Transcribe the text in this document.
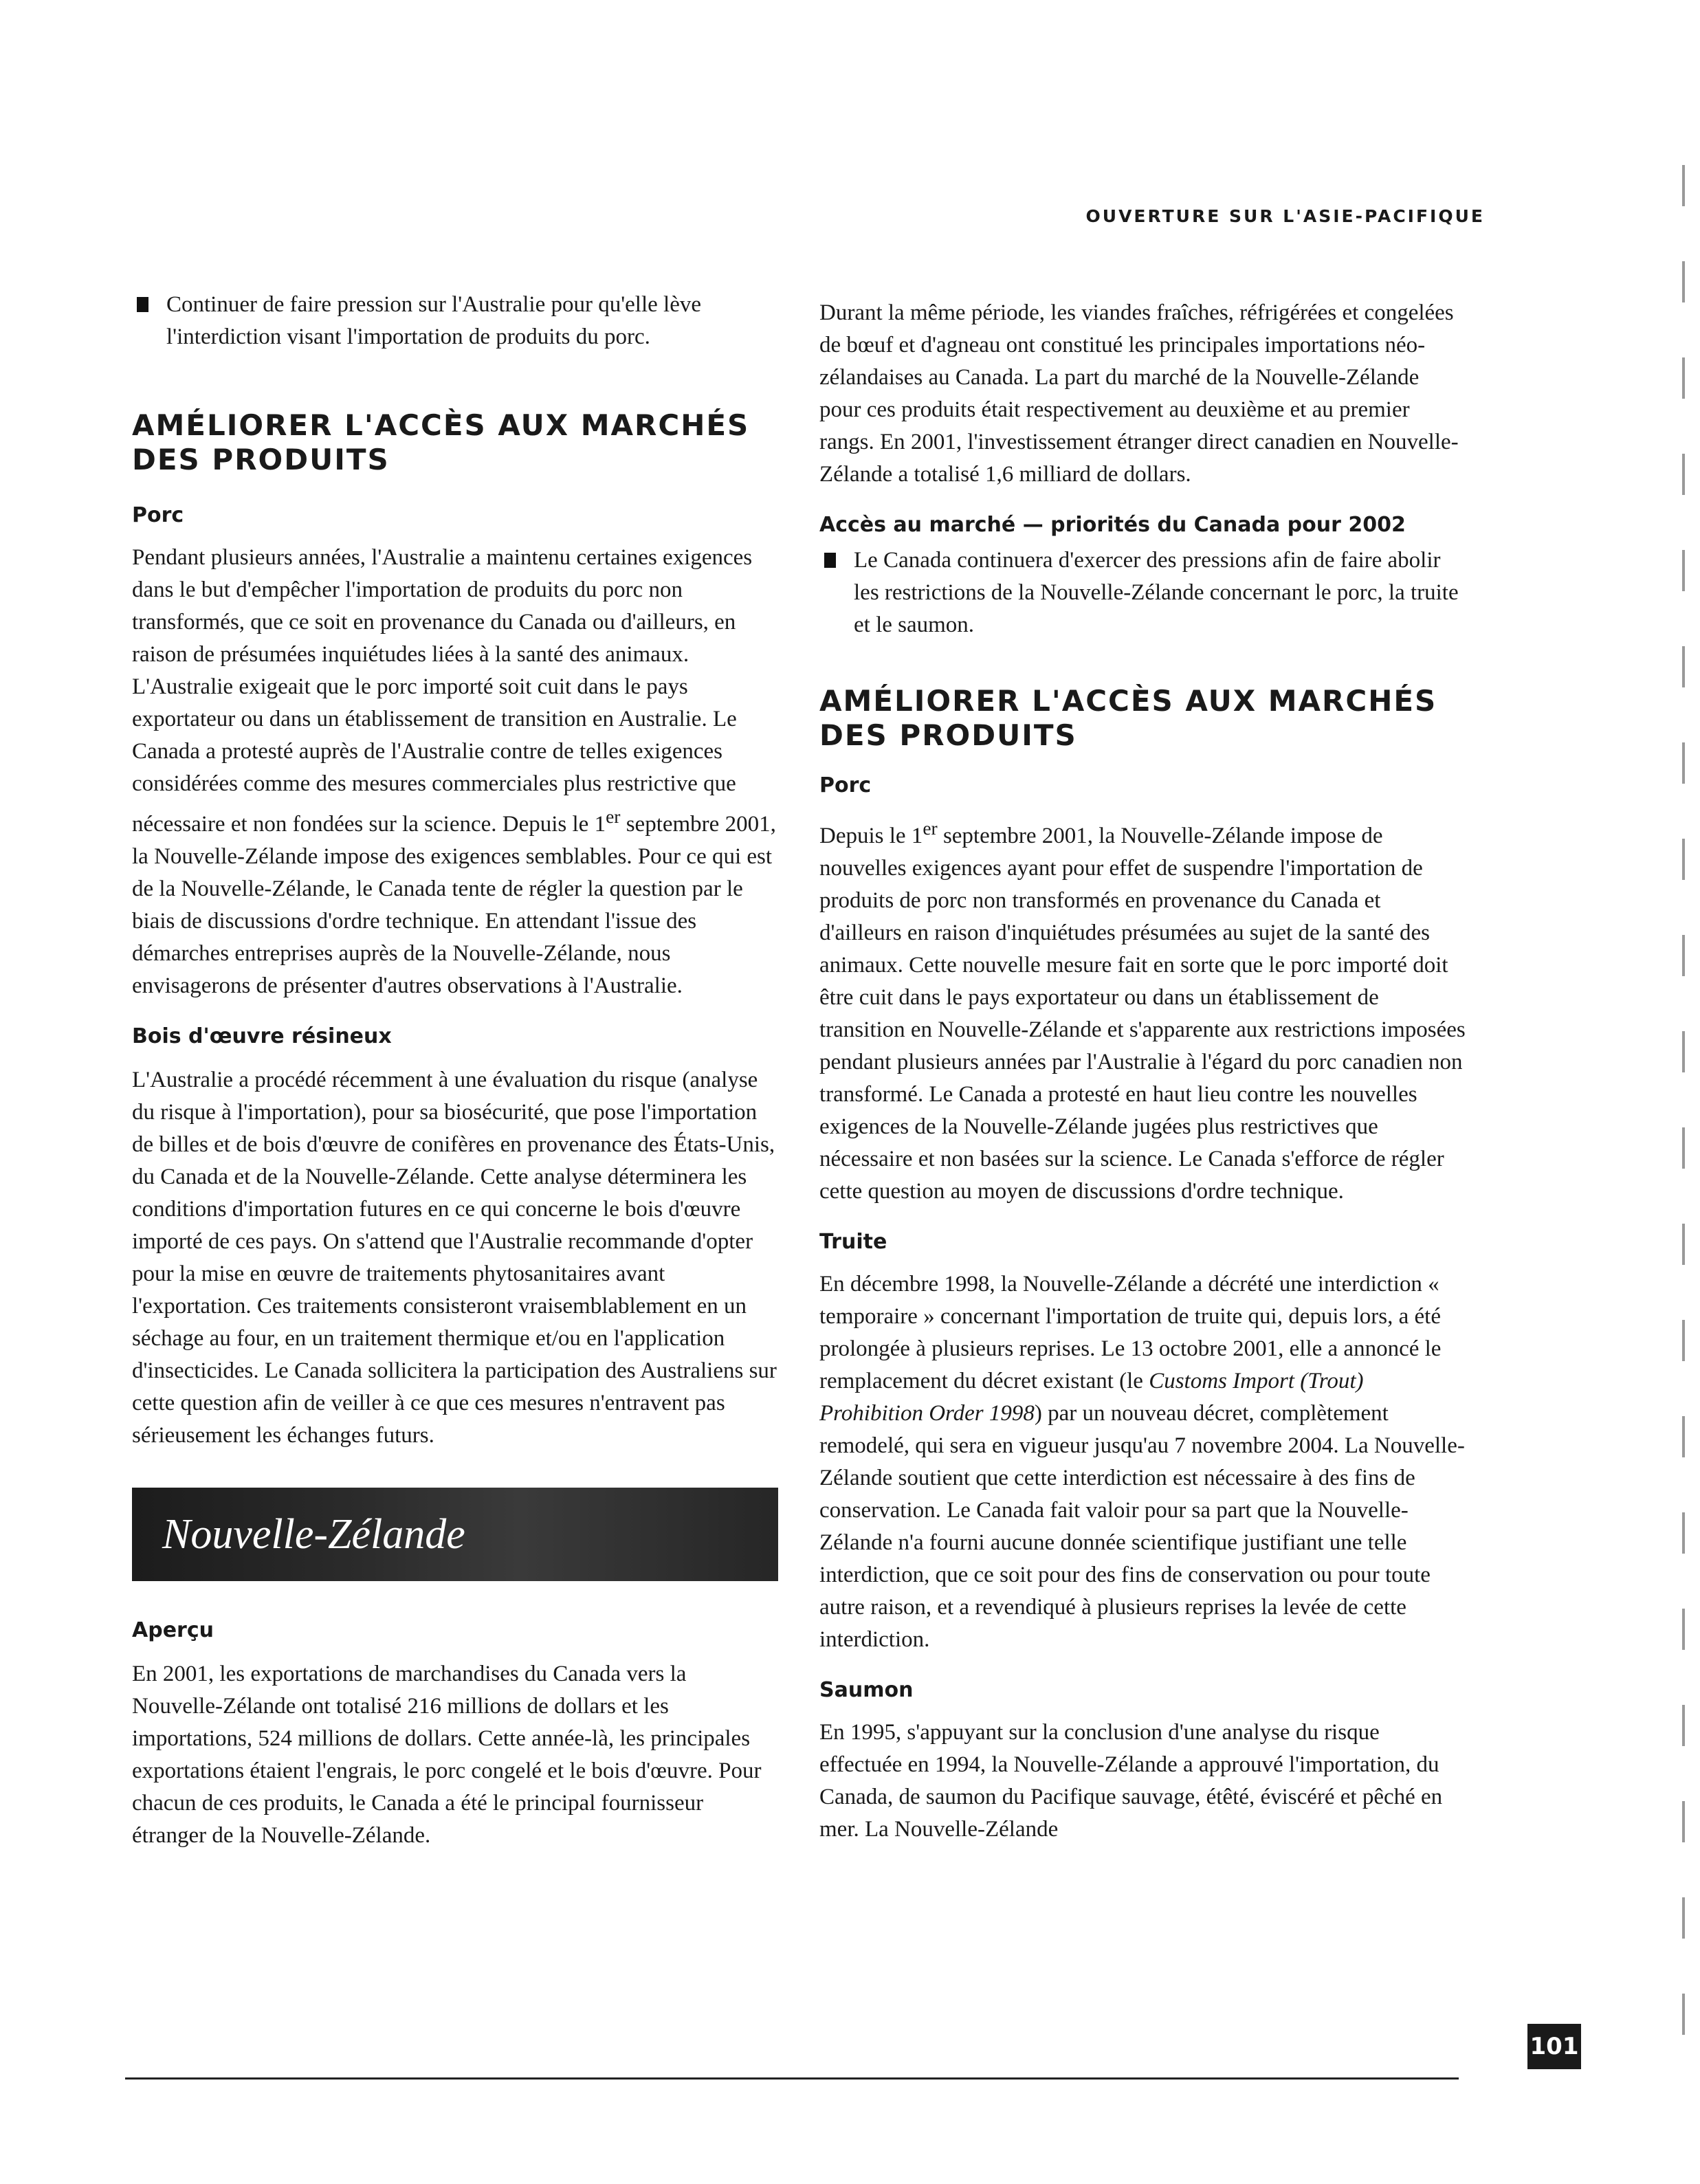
OUVERTURE SUR L'ASIE-PACIFIQUE
Continuer de faire pression sur l'Australie pour qu'elle lève l'interdiction visant l'importation de produits du porc.
AMÉLIORER L'ACCÈS AUX MARCHÉS DES PRODUITS
Porc

Pendant plusieurs années, l'Australie a maintenu certaines exigences dans le but d'empêcher l'importation de produits du porc non transformés, que ce soit en provenance du Canada ou d'ailleurs, en raison de présumées inquiétudes liées à la santé des animaux. L'Australie exigeait que le porc importé soit cuit dans le pays exportateur ou dans un établissement de transition en Australie. Le Canada a protesté auprès de l'Australie contre de telles exigences considérées comme des mesures commerciales plus restrictive que nécessaire et non fondées sur la science. Depuis le 1er septembre 2001, la Nouvelle-Zélande impose des exigences semblables. Pour ce qui est de la Nouvelle-Zélande, le Canada tente de régler la question par le biais de discussions d'ordre technique. En attendant l'issue des démarches entreprises auprès de la Nouvelle-Zélande, nous envisagerons de présenter d'autres observations à l'Australie.

Bois d'œuvre résineux

L'Australie a procédé récemment à une évaluation du risque (analyse du risque à l'importation), pour sa biosécurité, que pose l'importation de billes et de bois d'œuvre de conifères en provenance des États-Unis, du Canada et de la Nouvelle-Zélande. Cette analyse déterminera les conditions d'importation futures en ce qui concerne le bois d'œuvre importé de ces pays. On s'attend que l'Australie recommande d'opter pour la mise en œuvre de traitements phytosanitaires avant l'exportation. Ces traitements consisteront vraisemblablement en un séchage au four, en un traitement thermique et/ou en l'application d'insecticides. Le Canada sollicitera la participation des Australiens sur cette question afin de veiller à ce que ces mesures n'entravent pas sérieusement les échanges futurs.

Nouvelle-Zélande
Aperçu

En 2001, les exportations de marchandises du Canada vers la Nouvelle-Zélande ont totalisé 216 millions de dollars et les importations, 524 millions de dollars. Cette année-là, les principales exportations étaient l'engrais, le porc congelé et le bois d'œuvre. Pour chacun de ces produits, le Canada a été le principal fournisseur étranger de la Nouvelle-Zélande.

Durant la même période, les viandes fraîches, réfrigérées et congelées de bœuf et d'agneau ont constitué les principales importations néo-zélandaises au Canada. La part du marché de la Nouvelle-Zélande pour ces produits était respectivement au deuxième et au premier rangs. En 2001, l'investissement étranger direct canadien en Nouvelle-Zélande a totalisé 1,6 milliard de dollars.

Accès au marché — priorités du Canada pour 2002
Le Canada continuera d'exercer des pressions afin de faire abolir les restrictions de la Nouvelle-Zélande concernant le porc, la truite et le saumon.
AMÉLIORER L'ACCÈS AUX MARCHÉS DES PRODUITS
Porc

Depuis le 1er septembre 2001, la Nouvelle-Zélande impose de nouvelles exigences ayant pour effet de suspendre l'importation de produits de porc non transformés en provenance du Canada et d'ailleurs en raison d'inquiétudes présumées au sujet de la santé des animaux. Cette nouvelle mesure fait en sorte que le porc importé doit être cuit dans le pays exportateur ou dans un établissement de transition en Nouvelle-Zélande et s'apparente aux restrictions imposées pendant plusieurs années par l'Australie à l'égard du porc canadien non transformé. Le Canada a protesté en haut lieu contre les nouvelles exigences de la Nouvelle-Zélande jugées plus restrictives que nécessaire et non basées sur la science. Le Canada s'efforce de régler cette question au moyen de discussions d'ordre technique.

Truite

En décembre 1998, la Nouvelle-Zélande a décrété une interdiction « temporaire » concernant l'importation de truite qui, depuis lors, a été prolongée à plusieurs reprises. Le 13 octobre 2001, elle a annoncé le remplacement du décret existant (le Customs Import (Trout) Prohibition Order 1998) par un nouveau décret, complètement remodelé, qui sera en vigueur jusqu'au 7 novembre 2004. La Nouvelle-Zélande soutient que cette interdiction est nécessaire à des fins de conservation. Le Canada fait valoir pour sa part que la Nouvelle-Zélande n'a fourni aucune donnée scientifique justifiant une telle interdiction, que ce soit pour des fins de conservation ou pour toute autre raison, et a revendiqué à plusieurs reprises la levée de cette interdiction.

Saumon

En 1995, s'appuyant sur la conclusion d'une analyse du risque effectuée en 1994, la Nouvelle-Zélande a approuvé l'importation, du Canada, de saumon du Pacifique sauvage, étêté, éviscéré et pêché en mer. La Nouvelle-Zélande

101
